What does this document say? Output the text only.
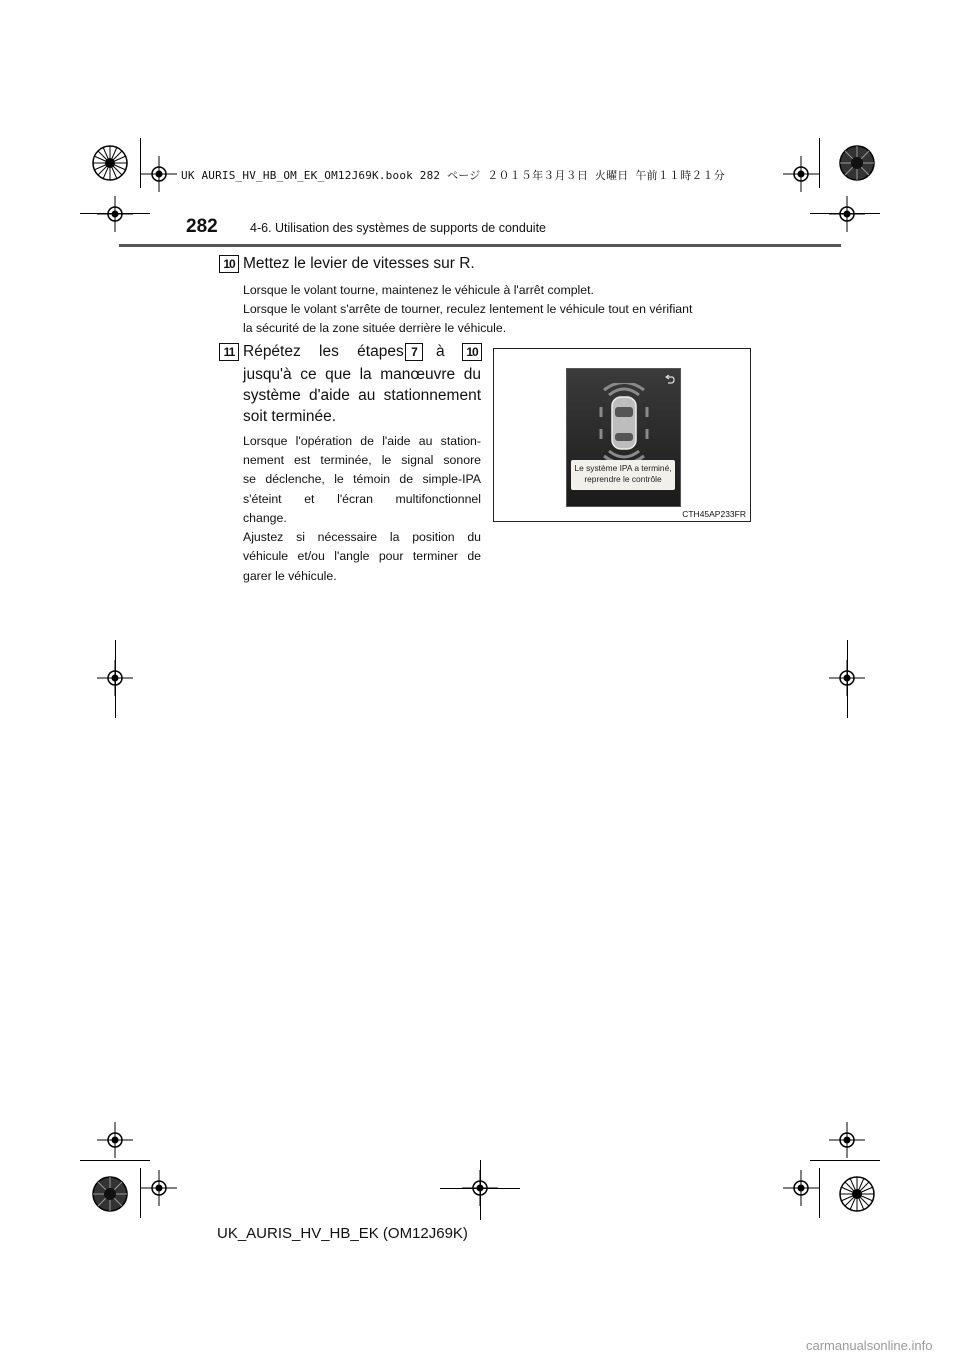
UK AURIS_HV_HB_OM_EK_OM12J69K.book 282 ページ ２０１５年３月３日 火曜日 午前１１時２１分
282	4-6. Utilisation des systèmes de supports de conduite
10 Mettez le levier de vitesses sur R.
Lorsque le volant tourne, maintenez le véhicule à l'arrêt complet.
Lorsque le volant s'arrête de tourner, reculez lentement le véhicule tout en vérifiant
la sécurité de la zone située derrière le véhicule.
11 Répétez les étapes 7	à	10
jusqu'à ce que la manœuvre du
système d'aide au stationnement
soit terminée.
Lorsque l'opération de l'aide au station-
nement est terminée, le signal sonore
se déclenche, le témoin de simple-IPA
s'éteint et l'écran multifonctionnel
change.
Ajustez si nécessaire la position du
véhicule et/ou l'angle pour terminer de
garer le véhicule.
Le système IPA a terminé,
reprendre le contrôle
CTH45AP233FR
UK_AURIS_HV_HB_EK (OM12J69K)
carmanualsonline.info
